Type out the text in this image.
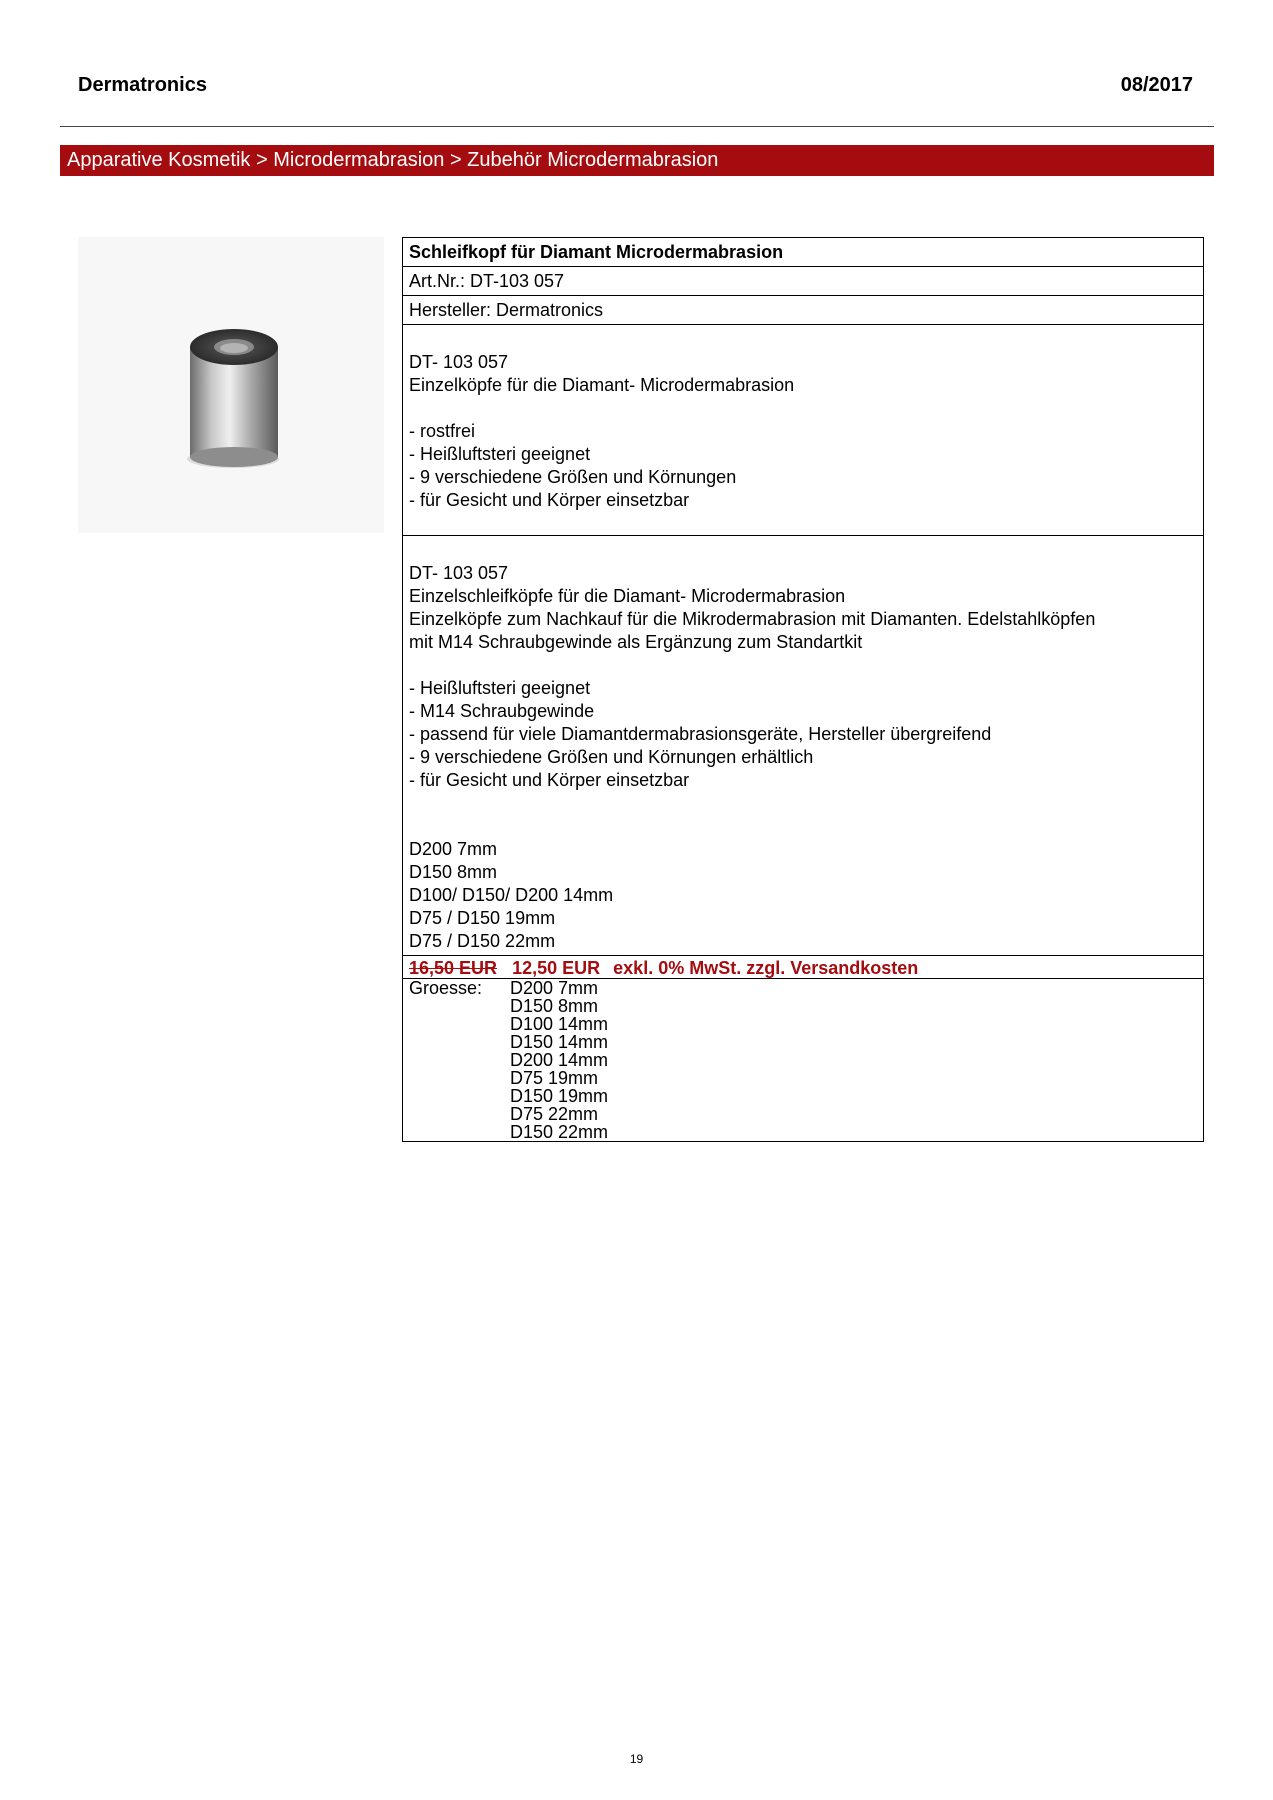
Dermatronics	08/2017
Apparative Kosmetik > Microdermabrasion > Zubehör Microdermabrasion
Schleifkopf für Diamant Microdermabrasion
Art.Nr.: DT-103 057
Hersteller: Dermatronics
DT- 103 057
Einzelköpfe für die Diamant- Microdermabrasion
- rostfrei
- Heißluftsteri geeignet
- 9 verschiedene Größen und Körnungen
- für Gesicht und Körper einsetzbar
DT- 103 057
Einzelschleifköpfe für die Diamant- Microdermabrasion
Einzelköpfe zum Nachkauf für die Mikrodermabrasion mit Diamanten. Edelstahlköpfen
mit M14 Schraubgewinde als Ergänzung zum Standartkit
- Heißluftsteri geeignet
- M14 Schraubgewinde
- passend für viele Diamantdermabrasionsgeräte, Hersteller übergreifend
- 9 verschiedene Größen und Körnungen erhältlich
- für Gesicht und Körper einsetzbar
D200 7mm
D150 8mm
D100/ D150/ D200 14mm
D75 / D150 19mm
D75 / D150 22mm
16,50 EUR 12,50 EUR exkl. 0% MwSt. zzgl. Versandkosten
Groesse:	D200 7mm
D150 8mm
D100 14mm
D150 14mm
D200 14mm
D75 19mm
D150 19mm
D75 22mm
D150 22mm
19
